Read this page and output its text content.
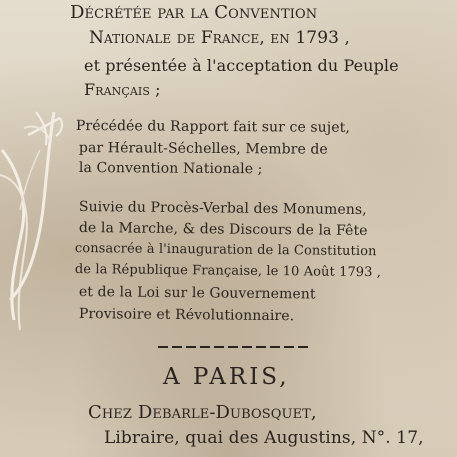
Décrétée par la Convention
Nationale de France, en 1793 ,
et présentée à l'acceptation du Peuple
Français ;
Précédée du Rapport fait sur ce sujet,
par Hérault-Séchelles, Membre de
la Convention Nationale ;
Suivie du Procès-Verbal des Monumens,
de la Marche, & des Discours de la Fête
consacrée à l'inauguration de la Constitution
de la République Française, le 10 Août 1793 ,
et de la Loi sur le Gouvernement
Provisoire et Révolutionnaire.
A PARIS,
Chez Debarle-Dubosquet,
Libraire, quai des Augustins, N°. 17,
